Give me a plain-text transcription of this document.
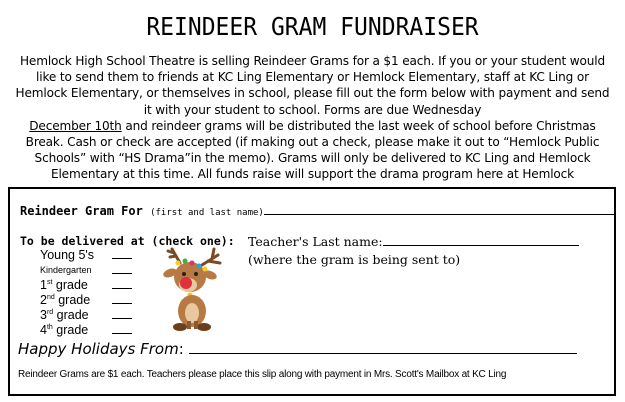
REINDEER GRAM FUNDRAISER
Hemlock High School Theatre is selling Reindeer Grams for a $1 each. If you or your student would like to send them to friends at KC Ling Elementary or Hemlock Elementary, staff at KC Ling or Hemlock Elementary, or themselves in school, please fill out the form below with payment and send it with your student to school. Forms are due Wednesday
December 10th and reindeer grams will be distributed the last week of school before Christmas Break. Cash or check are accepted (if making out a check, please make it out to “Hemlock Public Schools” with “HS Drama”in the memo). Grams will only be delivered to KC Ling and Hemlock Elementary at this time. All funds raise will support the drama program here at Hemlock
Reindeer Gram For (first and last name)
To be delivered at (check one):
Young 5's
Kindergarten
1st grade
2nd grade
3rd grade
4th grade
Teacher's Last name:
(where the gram is being sent to)
Happy Holidays From:
Reindeer Grams are $1 each. Teachers please place this slip along with payment in Mrs. Scott's Mailbox at KC Ling
